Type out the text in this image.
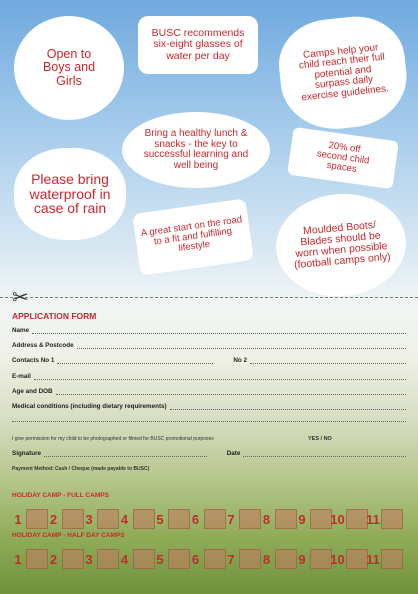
Open to Boys and Girls
BUSC recommends six-eight glasses of water per day	Camps help your child reach their full potential and surpass daily exercise guidelines.
Bring a healthy lunch & snacks - the key to successful learning and well being
Please bring waterproof in case of rain
20% off second child spaces
A great start on the road to a fit and fulfilling lifestyle
Moulded Boots/ Blades should be worn when possible (football camps only)
✂
APPLICATION FORM
Name
Address & Postcode
Contacts No 1	No 2
E-mail
Age and DOB
Medical conditions (including dietary requirements)
I give permission for my child to be photographed or filmed for BUSC promotional purposes	YES / NO
Signature	Date
Payment Method: Cash / Cheque (made payable to BUSC)
HOLIDAY CAMP - FULL CAMPS
1	2	3	4	5	6	7	8	9	10 11
HOLIDAY CAMP - HALF DAY CAMPS
1	2	3	4	5	6	7	8	9	10 11
